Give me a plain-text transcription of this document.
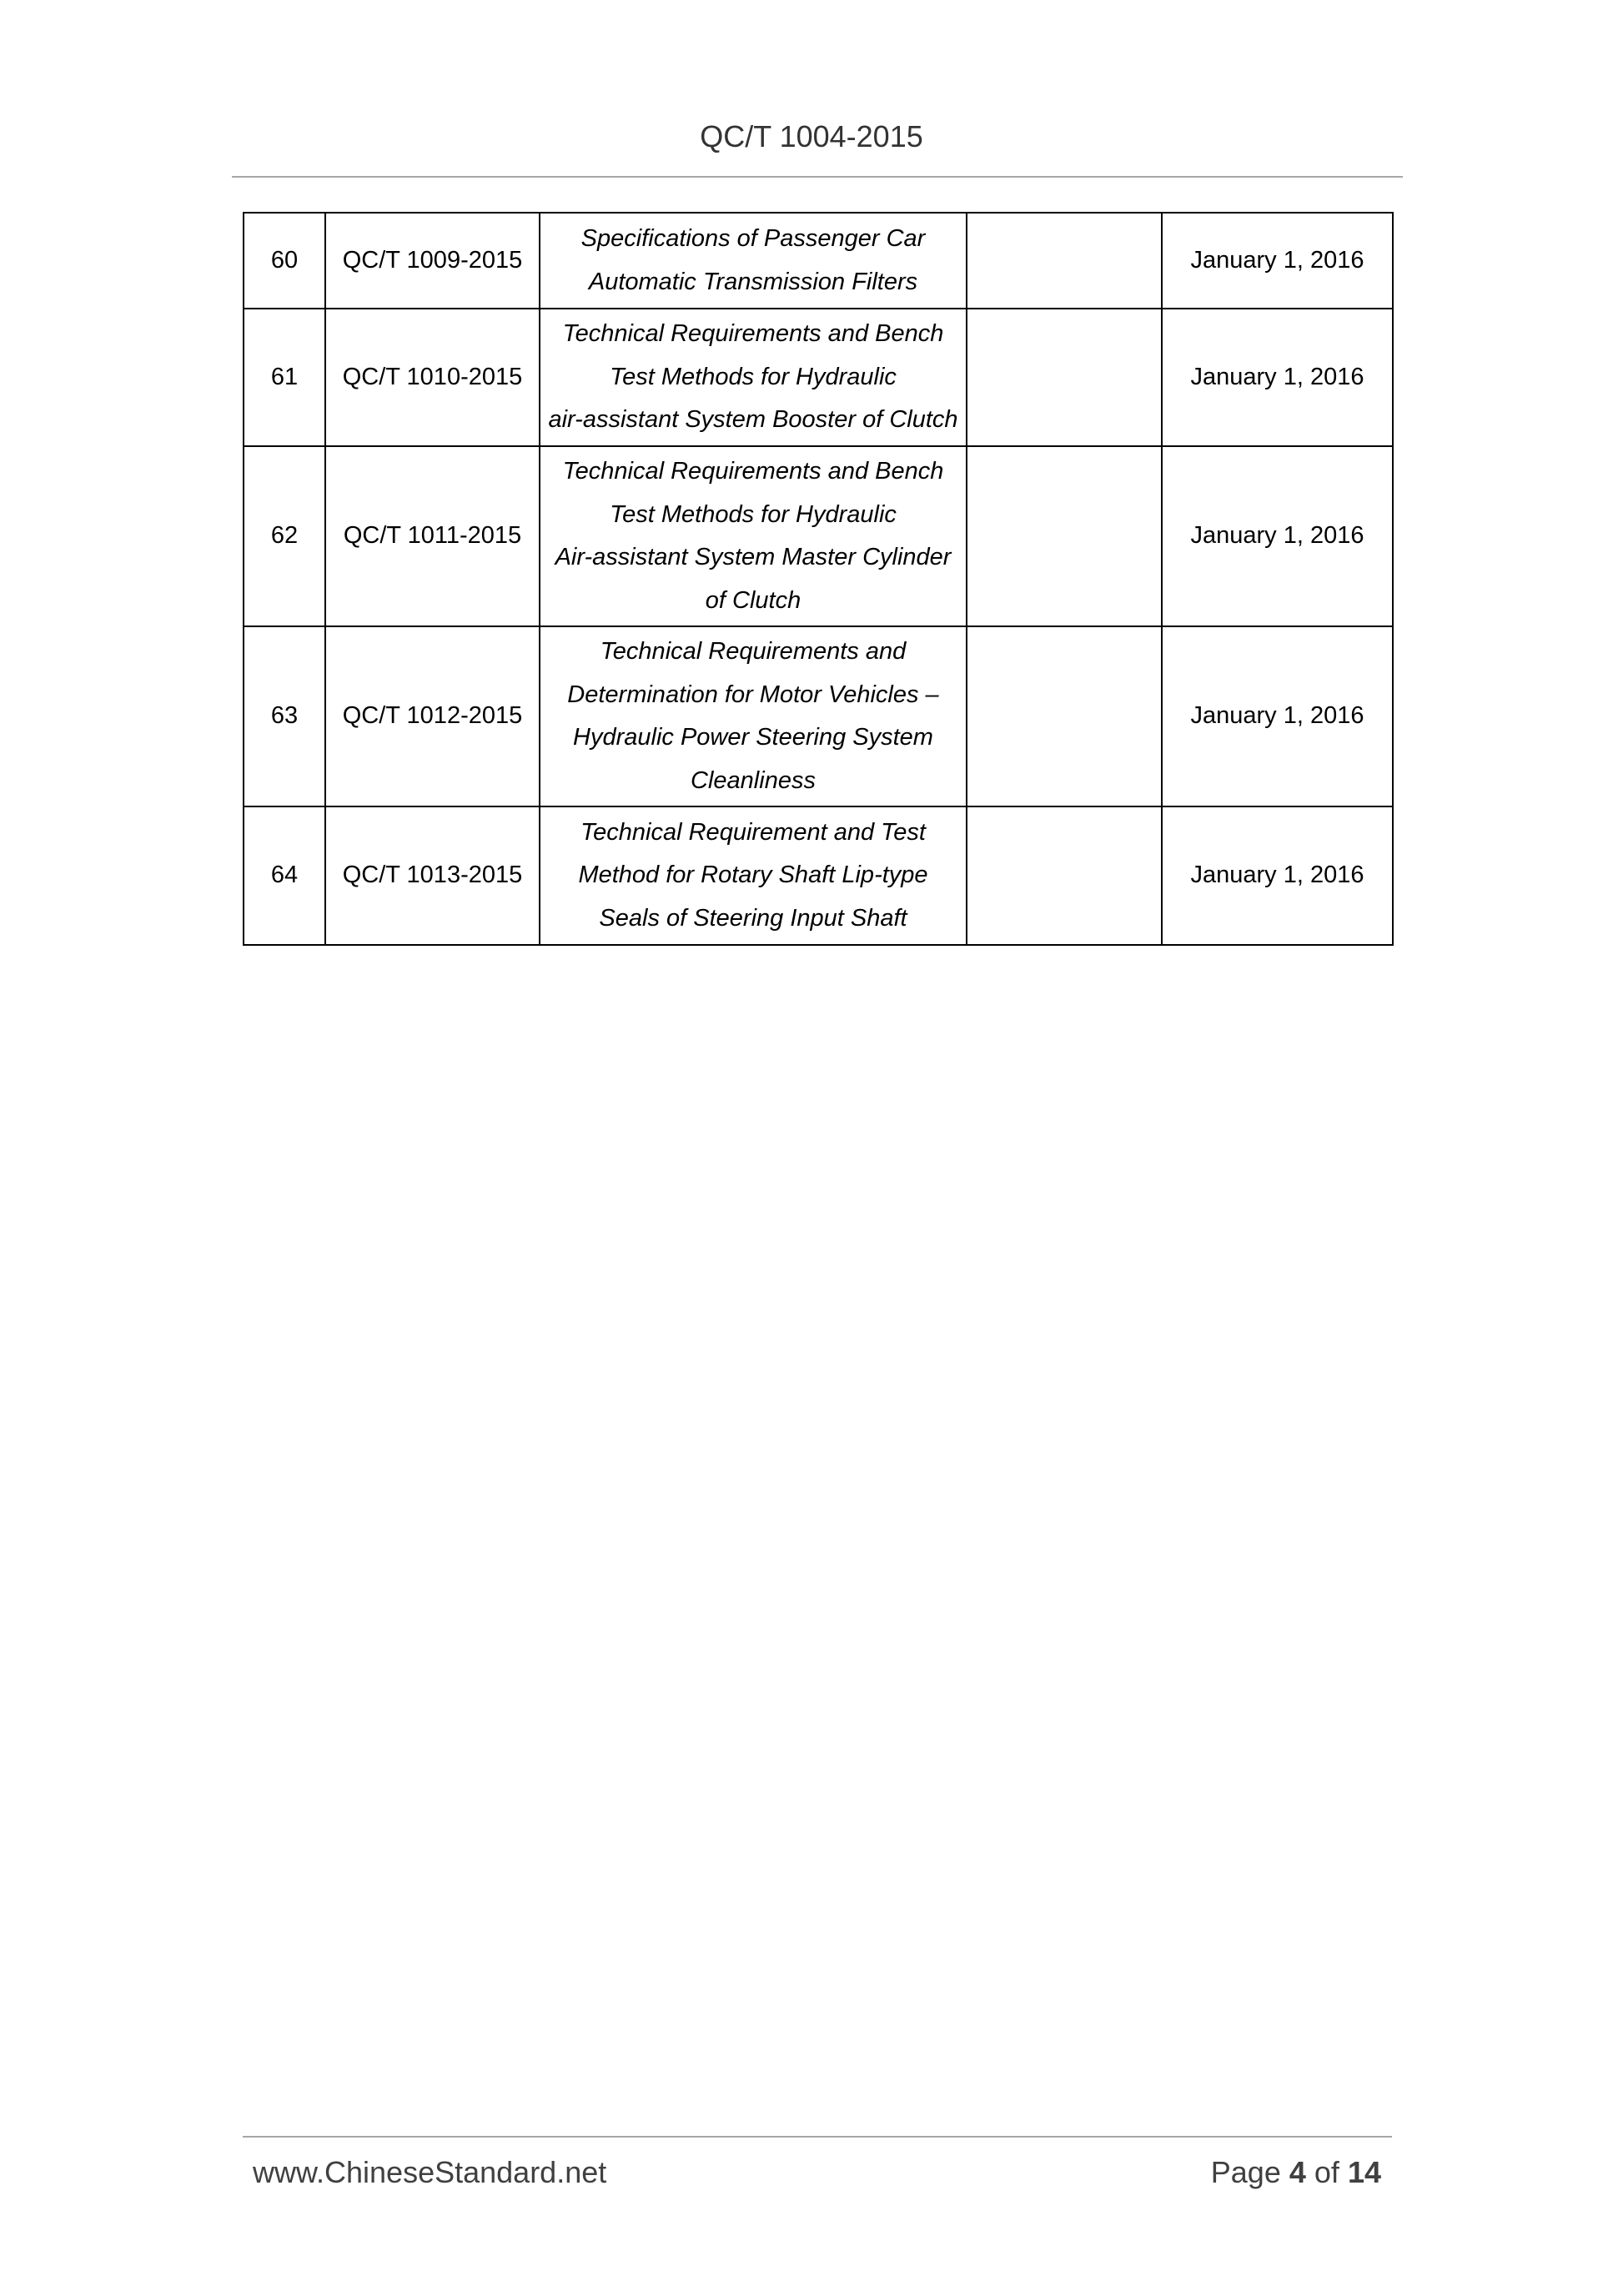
QC/T 1004-2015
60	QC/T 1009-2015	Specifications of Passenger Car
Automatic Transmission Filters		January 1, 2016
61	QC/T 1010-2015	Technical Requirements and Bench
Test Methods for Hydraulic
air-assistant System Booster of Clutch		January 1, 2016
62	QC/T 1011-2015	Technical Requirements and Bench
Test Methods for Hydraulic
Air-assistant System Master Cylinder
of Clutch		January 1, 2016
63	QC/T 1012-2015	Technical Requirements and
Determination for Motor Vehicles –
Hydraulic Power Steering System
Cleanliness		January 1, 2016
64	QC/T 1013-2015	Technical Requirement and Test
Method for Rotary Shaft Lip-type
Seals of Steering Input Shaft		January 1, 2016
www.ChineseStandard.net	Page 4 of 14
